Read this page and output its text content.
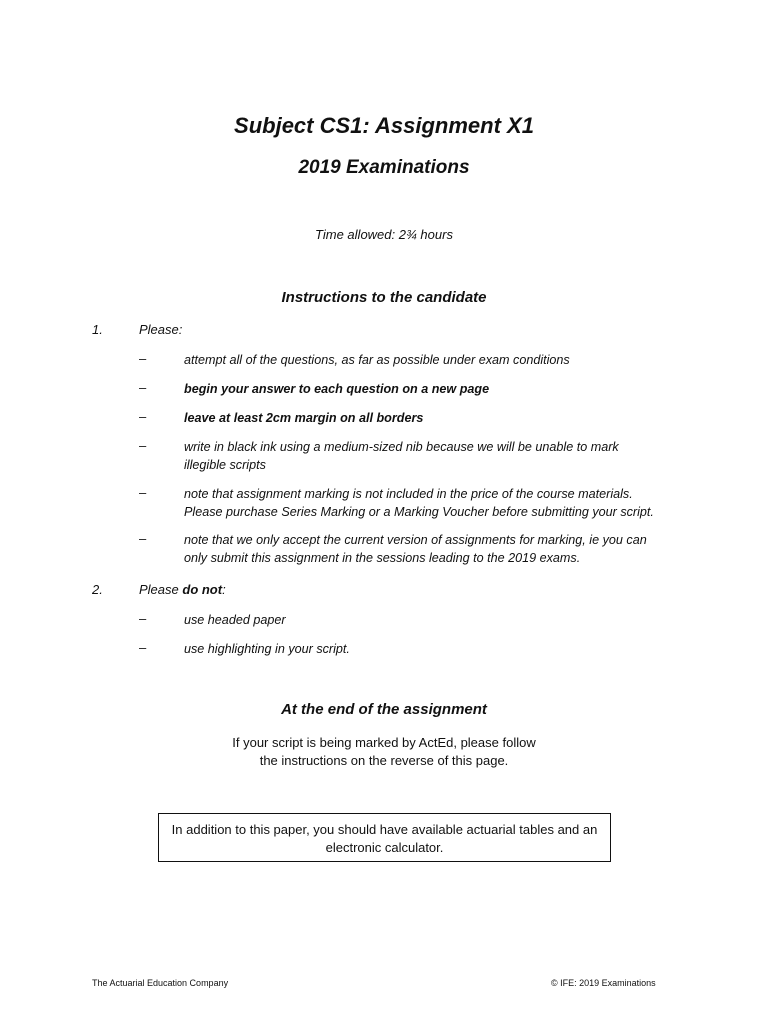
Subject CS1: Assignment X1
2019 Examinations
Time allowed: 2¾ hours
Instructions to the candidate
1.	Please:
–	attempt all of the questions, as far as possible under exam conditions
–	begin your answer to each question on a new page
–	leave at least 2cm margin on all borders
–	write in black ink using a medium-sized nib because we will be unable to mark
illegible scripts
–	note that assignment marking is not included in the price of the course materials.
Please purchase Series Marking or a Marking Voucher before submitting your script.
–	note that we only accept the current version of assignments for marking, ie you can
only submit this assignment in the sessions leading to the 2019 exams.
2.	Please do not:
–	use headed paper
–	use highlighting in your script.
At the end of the assignment
If your script is being marked by ActEd, please follow
the instructions on the reverse of this page.
In addition to this paper, you should have available actuarial tables and an
electronic calculator.
The Actuarial Education Company	© IFE: 2019 Examinations
